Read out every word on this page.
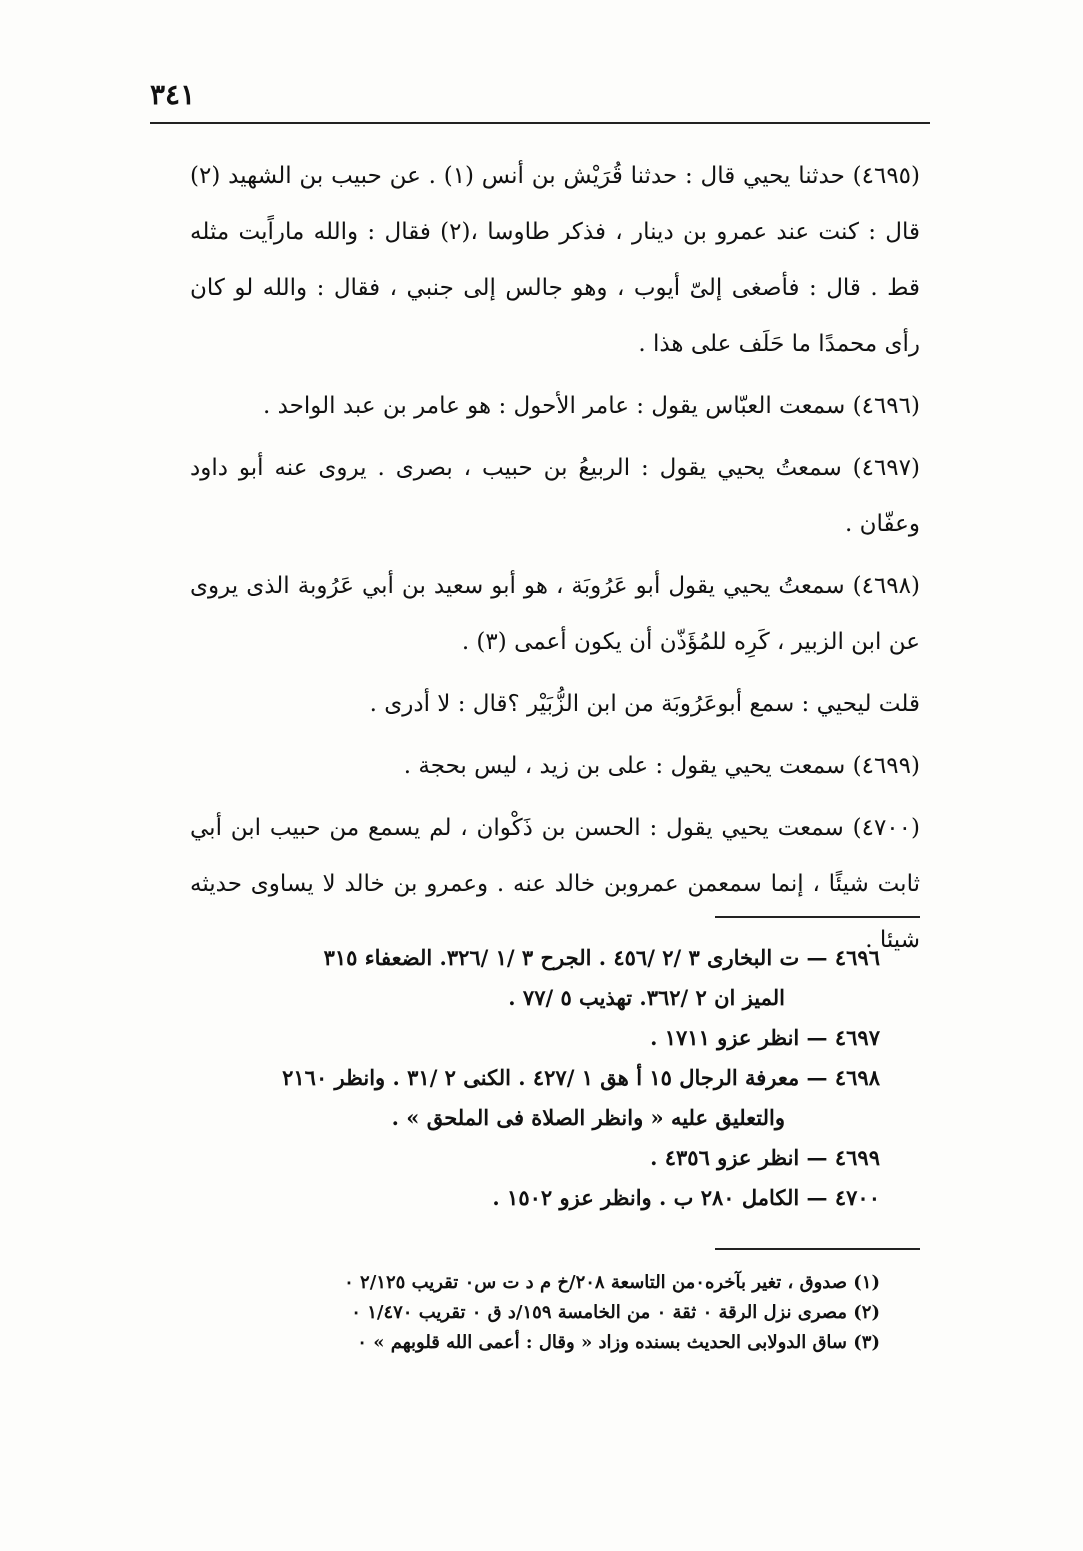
٣٤١

(٤٦٩٥) حدثنا يحيي قال : حدثنا قُرَيْش بن أنس (١) . عن حبيب بن الشهيد (٢) قال : كنت عند عمرو بن دينار ، فذكر طاوسا ،(٢) فقال : والله ماراًيت مثله قط . قال : فأصغى إلىّ أيوب ، وهو جالس إلى جنبي ، فقال : والله لو كان رأى محمدًا ما حَلَف على هذا .

(٤٦٩٦) سمعت العبّاس يقول : عامر الأحول : هو عامر بن عبد الواحد .

(٤٦٩٧) سمعتُ يحيي يقول : الربيعُ بن حبيب ، بصرى . يروى عنه أبو داود وعفّان .

(٤٦٩٨) سمعتُ يحيي يقول أبو عَرُوبَة ، هو أبو سعيد بن أبي عَرُوبة الذى يروى عن ابن الزبير ، كَرِه للمُؤَذّن أن يكون أعمى (٣) .

قلت ليحيي : سمع أبوعَرُوبَة من ابن الزُّبَيْر ؟قال : لا أدرى .

(٤٦٩٩) سمعت يحيي يقول : على بن زيد ، ليس بحجة .

(٤٧٠٠) سمعت يحيي يقول : الحسن بن ذَكْوان ، لم يسمع من حبيب ابن أبي ثابت شيئًا ، إنما سمعمن عمروبن خالد عنه . وعمرو بن خالد لا يساوى حديثه شيئا .

٤٦٩٦ — ت البخارى ٣ /٢ /٤٥٦ . الجرح ٣ /١ /٣٢٦. الضعفاء ٣١٥

الميز ان ٢ /٣٦٢. تهذيب ٥ /٧٧ .

٤٦٩٧ — انظر عزو ١٧١١ .

٤٦٩٨ — معرفة الرجال ١٥ أ هق ١ /٤٢٧ . الكنى ٢ /٣١ . وانظر ٢١٦٠

والتعليق عليه « وانظر الصلاة فى الملحق » .

٤٦٩٩ — انظر عزو ٤٣٥٦ .

٤٧٠٠ — الكامل ٢٨٠ ب . وانظر عزو ١٥٠٢ .

(١) صدوق ، تغير بآخره٠من التاسعة ٢٠٨/خ م د ت س٠ تقريب ٢/١٢٥ ٠

(٢) مصرى نزل الرقة ٠ ثقة ٠ من الخامسة ١٥٩/د ق ٠ تقريب ١/٤٧٠ ٠

(٣) ساق الدولابى الحديث بسنده وزاد « وقال : أعمى الله قلوبهم » ٠
